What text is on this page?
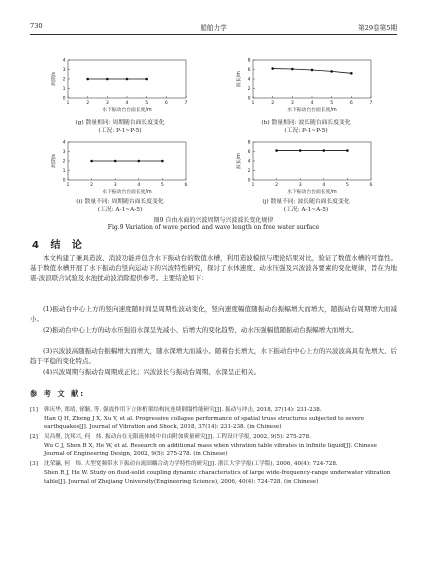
730	船舶力学	第29卷第5期
1	2	3	4	5	6	7
0
1
2
3
4
水下振动台台面长度/m
周期/s
1	2	3	4	5	6	7
0
2
4
6
8
水下振动台台面长度/m
波长/m
1	2	3	4	5	6
0
1
2
3
4
水下振动台台面长度/m
周期/s
1	2	3	4	5	6
0
2
4
6
8
水下振动台台面长度/m
波长/m
(g) 散量相同: 周期随台面长度变化
(工况: P-1~P-5)
(h) 散量相同: 波长随台面长度变化
(工况: P-1~P-5)
(i) 散量不同: 周期随台面长度变化
(工况: A-1~A-5)
(j) 散量不同: 波长随台面长度变化
(工况: A-1~A-5)
图9 自由水面的兴波周期与兴波波长变化规律
Fig.9 Variation of wave period and wave length on free water surface
4 结 论

本文构建了兼具造波、消波功能并包含水下振动台的数值水槽，利用造波模拟与理论结果对比，验证了数值水槽的可靠性。基于数值水槽开展了水下振动台竖向运动下的兴波特性研究，探讨了水体速度、动水压强及兴波波各要素的变化规律，旨在为地震-波浪联合试验及水池扰动波消除提供参考。主要结论如下：

(1)振动台中心上方的竖向速度随时间呈周期性波动变化，竖向速度幅值随振动台振幅增大而增大，随振动台周期增大而减小。

(2)振动台中心上方的动水压强沿水深呈先减小、后增大的变化趋势，动水压强幅值随振动台振幅增大而增大。

(3)兴波波高随振动台振幅增大而增大，随水深增大而减小。随着台长增大，水下振动台中心上方的兴波波高具有先增大、后趋于平稳的变化特点。

(4)兴波周期与振动台周期成正比；兴波波长与振动台周期、水深呈正相关。

参 考 文 献:
[1]	韩庆华, 郑靖, 徐颖, 等. 强震作用下立体桁架结构抗连续倒塌性能研究[J]. 振动与冲击, 2018, 37(14): 231-238.
Han Q H, Zheng J X, Xu Y, et al. Progressive collapse performance of spatial truss structures subjected to severe earthquakes[J]. Journal of Vibration and Shock, 2018, 37(14): 231-238. (in Chinese)
[2]	吴昌聚, 沈邦兴, 何　炜. 振动台在无限流体域中自由附加质量研究[J]. 工程设计学报, 2002, 9(5): 275-278.
Wu C J, Shen B X, He W, et al. Research on additional mass when vibration table vibrates in infinite liquid[J]. Chinese Journal of Engineering Design, 2002, 9(5): 275-278. (in Chinese)
[3]	沈荣瀛, 何　炜. 大型宽频带水下振动台流固耦合动力学特性的研究[J]. 浙江大学学报(工学版), 2006, 40(4): 724-728.
Shen R J, He W. Study on fluid-solid coupling dynamic characteristics of large wide-frequency-range underwater vibration table[J]. Journal of Zhejiang University(Engineering Science), 2006, 40(4): 724-728. (in Chinese)
